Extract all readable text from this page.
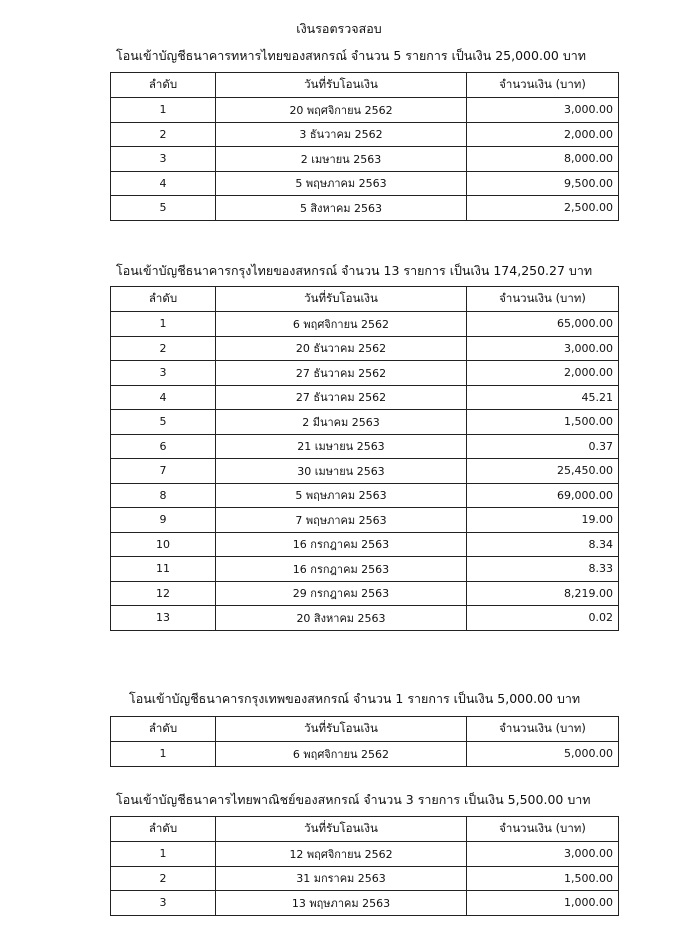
เงินรอตรวจสอบ
โอนเข้าบัญชีธนาคารทหารไทยของสหกรณ์ จำนวน 5 รายการ เป็นเงิน 25,000.00 บาท
ลำดับ	วันที่รับโอนเงิน	จำนวนเงิน (บาท)
1	20 พฤศจิกายน 2562	3,000.00
2	3 ธันวาคม 2562	2,000.00
3	2 เมษายน 2563	8,000.00
4	5 พฤษภาคม 2563	9,500.00
5	5 สิงหาคม 2563	2,500.00
โอนเข้าบัญชีธนาคารกรุงไทยของสหกรณ์ จำนวน 13 รายการ เป็นเงิน 174,250.27 บาท
ลำดับ	วันที่รับโอนเงิน	จำนวนเงิน (บาท)
1	6 พฤศจิกายน 2562	65,000.00
2	20 ธันวาคม 2562	3,000.00
3	27 ธันวาคม 2562	2,000.00
4	27 ธันวาคม 2562	45.21
5	2 มีนาคม 2563	1,500.00
6	21 เมษายน 2563	0.37
7	30 เมษายน 2563	25,450.00
8	5 พฤษภาคม 2563	69,000.00
9	7 พฤษภาคม 2563	19.00
10	16 กรกฎาคม 2563	8.34
11	16 กรกฎาคม 2563	8.33
12	29 กรกฎาคม 2563	8,219.00
13	20 สิงหาคม 2563	0.02
โอนเข้าบัญชีธนาคารกรุงเทพของสหกรณ์ จำนวน 1 รายการ เป็นเงิน 5,000.00 บาท
ลำดับ	วันที่รับโอนเงิน	จำนวนเงิน (บาท)
1	6 พฤศจิกายน 2562	5,000.00
โอนเข้าบัญชีธนาคารไทยพาณิชย์ของสหกรณ์ จำนวน 3 รายการ เป็นเงิน 5,500.00 บาท
ลำดับ	วันที่รับโอนเงิน	จำนวนเงิน (บาท)
1	12 พฤศจิกายน 2562	3,000.00
2	31 มกราคม 2563	1,500.00
3	13 พฤษภาคม 2563	1,000.00
